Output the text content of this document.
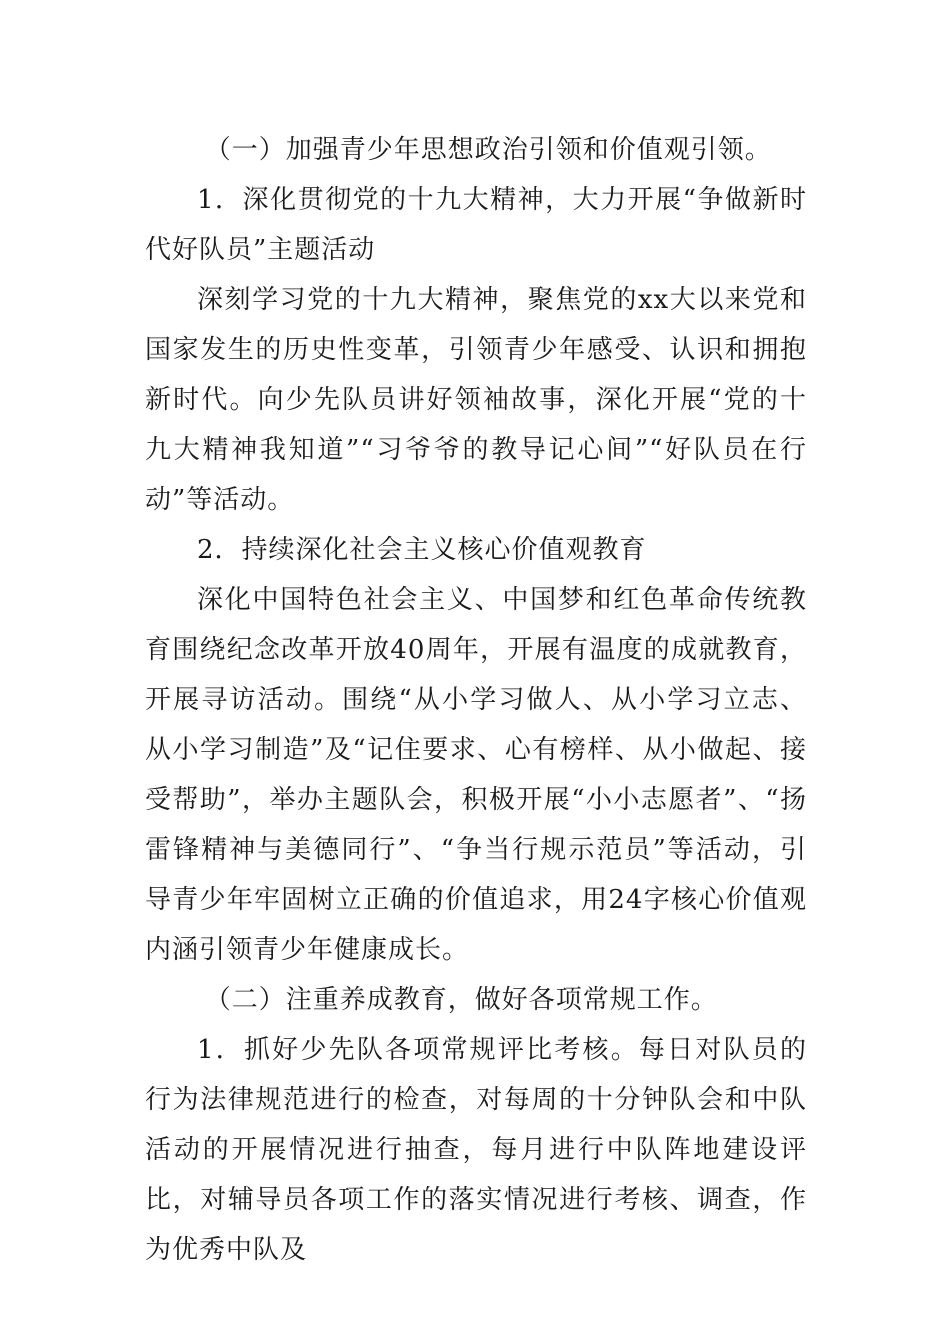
（一）加强青少年思想政治引领和价值观引领。

1．深化贯彻党的十九大精神，大力开展“争做新时代好队员”主题活动

深刻学习党的十九大精神，聚焦党的xx大以来党和国家发生的历史性变革，引领青少年感受、认识和拥抱新时代。向少先队员讲好领袖故事，深化开展“党的十九大精神我知道”“习爷爷的教导记心间”“好队员在行动”等活动。

2．持续深化社会主义核心价值观教育

深化中国特色社会主义、中国梦和红色革命传统教育围绕纪念改革开放40周年，开展有温度的成就教育，开展寻访活动。围绕“从小学习做人、从小学习立志、从小学习制造”及“记住要求、心有榜样、从小做起、接受帮助”，举办主题队会，积极开展“小小志愿者”、“扬雷锋精神与美德同行”、“争当行规示范员”等活动，引导青少年牢固树立正确的价值追求，用24字核心价值观内涵引领青少年健康成长。

（二）注重养成教育，做好各项常规工作。

1．抓好少先队各项常规评比考核。每日对队员的行为法律规范进行的检查，对每周的十分钟队会和中队活动的开展情况进行抽查，每月进行中队阵地建设评比，对辅导员各项工作的落实情况进行考核、调查，作为优秀中队及
